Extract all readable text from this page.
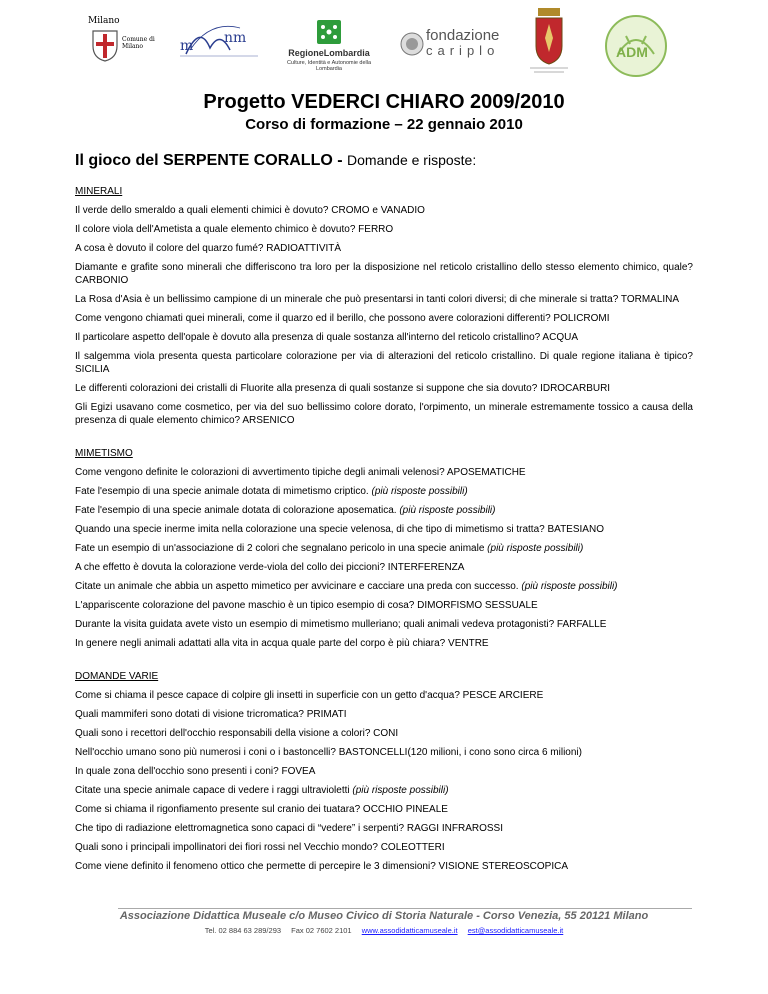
Milano
Comune di Milano
nm
m	RegioneLombardia
Culture, Identità e Autonomie della Lombardia
fondazione
cariplo	ADM
Progetto VEDERCI CHIARO 2009/2010
Corso di formazione – 22 gennaio 2010
Il gioco del SERPENTE CORALLO - Domande e risposte:
MINERALI
Il verde dello smeraldo a quali elementi chimici è dovuto? CROMO e VANADIO
Il colore viola dell'Ametista a quale elemento chimico è dovuto? FERRO
A cosa è dovuto il colore del quarzo fumé? RADIOATTIVITÀ
Diamante e grafite sono minerali che differiscono tra loro per la disposizione nel reticolo cristallino dello stesso elemento chimico, quale? CARBONIO
La Rosa d'Asia è un bellissimo campione di un minerale che può presentarsi in tanti colori diversi; di che minerale si tratta? TORMALINA
Come vengono chiamati quei minerali, come il quarzo ed il berillo, che possono avere colorazioni differenti? POLICROMI
Il particolare aspetto dell'opale è dovuto alla presenza di quale sostanza all'interno del reticolo cristallino? ACQUA
Il salgemma viola presenta questa particolare colorazione per via di alterazioni del reticolo cristallino. Di quale regione italiana è tipico? SICILIA
Le differenti colorazioni dei cristalli di Fluorite alla presenza di quali sostanze si suppone che sia dovuto? IDROCARBURI
Gli Egizi usavano come cosmetico, per via del suo bellissimo colore dorato, l'orpimento, un minerale estremamente tossico a causa della presenza di quale elemento chimico? ARSENICO
MIMETISMO
Come vengono definite le colorazioni di avvertimento tipiche degli animali velenosi? APOSEMATICHE
Fate l'esempio di una specie animale dotata di mimetismo criptico. (più risposte possibili)
Fate l'esempio di una specie animale dotata di colorazione aposematica. (più risposte possibili)
Quando una specie inerme imita nella colorazione una specie velenosa, di che tipo di mimetismo si tratta? BATESIANO
Fate un esempio di un'associazione di 2 colori che segnalano pericolo in una specie animale (più risposte possibili)
A che effetto è dovuta la colorazione verde-viola del collo dei piccioni? INTERFERENZA
Citate un animale che abbia un aspetto mimetico per avvicinare e cacciare una preda con successo. (più risposte possibili)
L'appariscente colorazione del pavone maschio è un tipico esempio di cosa? DIMORFISMO SESSUALE
Durante la visita guidata avete visto un esempio di mimetismo mulleriano; quali animali vedeva protagonisti? FARFALLE
In genere negli animali adattati alla vita in acqua quale parte del corpo è più chiara? VENTRE
DOMANDE VARIE
Come si chiama il pesce capace di colpire gli insetti in superficie con un getto d'acqua? PESCE ARCIERE
Quali mammiferi sono dotati di visione tricromatica? PRIMATI
Quali sono i recettori dell'occhio responsabili della visione a colori? CONI
Nell'occhio umano sono più numerosi i coni o i bastoncelli? BASTONCELLI(120 milioni, i cono sono circa 6 milioni)
In quale zona dell'occhio sono presenti i coni? FOVEA
Citate una specie animale capace di vedere i raggi ultravioletti (più risposte possibili)
Come si chiama il rigonfiamento presente sul cranio dei tuatara? OCCHIO PINEALE
Che tipo di radiazione elettromagnetica sono capaci di “vedere” i serpenti? RAGGI INFRAROSSI
Quali sono i principali impollinatori dei fiori rossi nel Vecchio mondo? COLEOTTERI
Come viene definito il fenomeno ottico che permette di percepire le 3 dimensioni? VISIONE STEREOSCOPICA
Associazione Didattica Museale c/o Museo Civico di Storia Naturale - Corso Venezia, 55 20121 Milano
Tel. 02 884 63 289/293 Fax 02 7602 2101 www.assodidatticamuseale.it est@assodidatticamuseale.it
